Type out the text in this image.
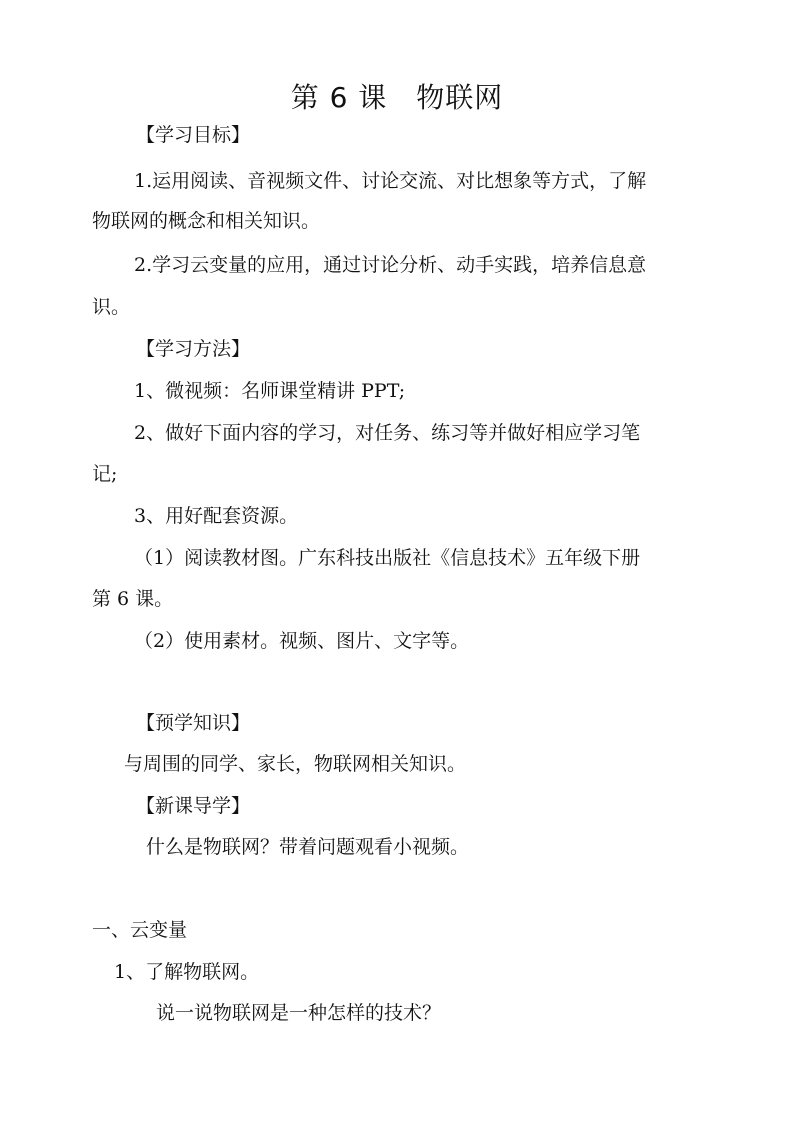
第 6 课　物联网
【学习目标】
1.运用阅读、音视频文件、讨论交流、对比想象等方式，了解
物联网的概念和相关知识。
2.学习云变量的应用，通过讨论分析、动手实践，培养信息意
识。
【学习方法】
1、微视频：名师课堂精讲 PPT;
2、做好下面内容的学习，对任务、练习等并做好相应学习笔
记;
3、用好配套资源。
（1）阅读教材图。广东科技出版社《信息技术》五年级下册
第 6 课。
（2）使用素材。视频、图片、文字等。
【预学知识】
与周围的同学、家长，物联网相关知识。
【新课导学】
什么是物联网？带着问题观看小视频。
一、云变量
1、了解物联网。
说一说物联网是一种怎样的技术？
